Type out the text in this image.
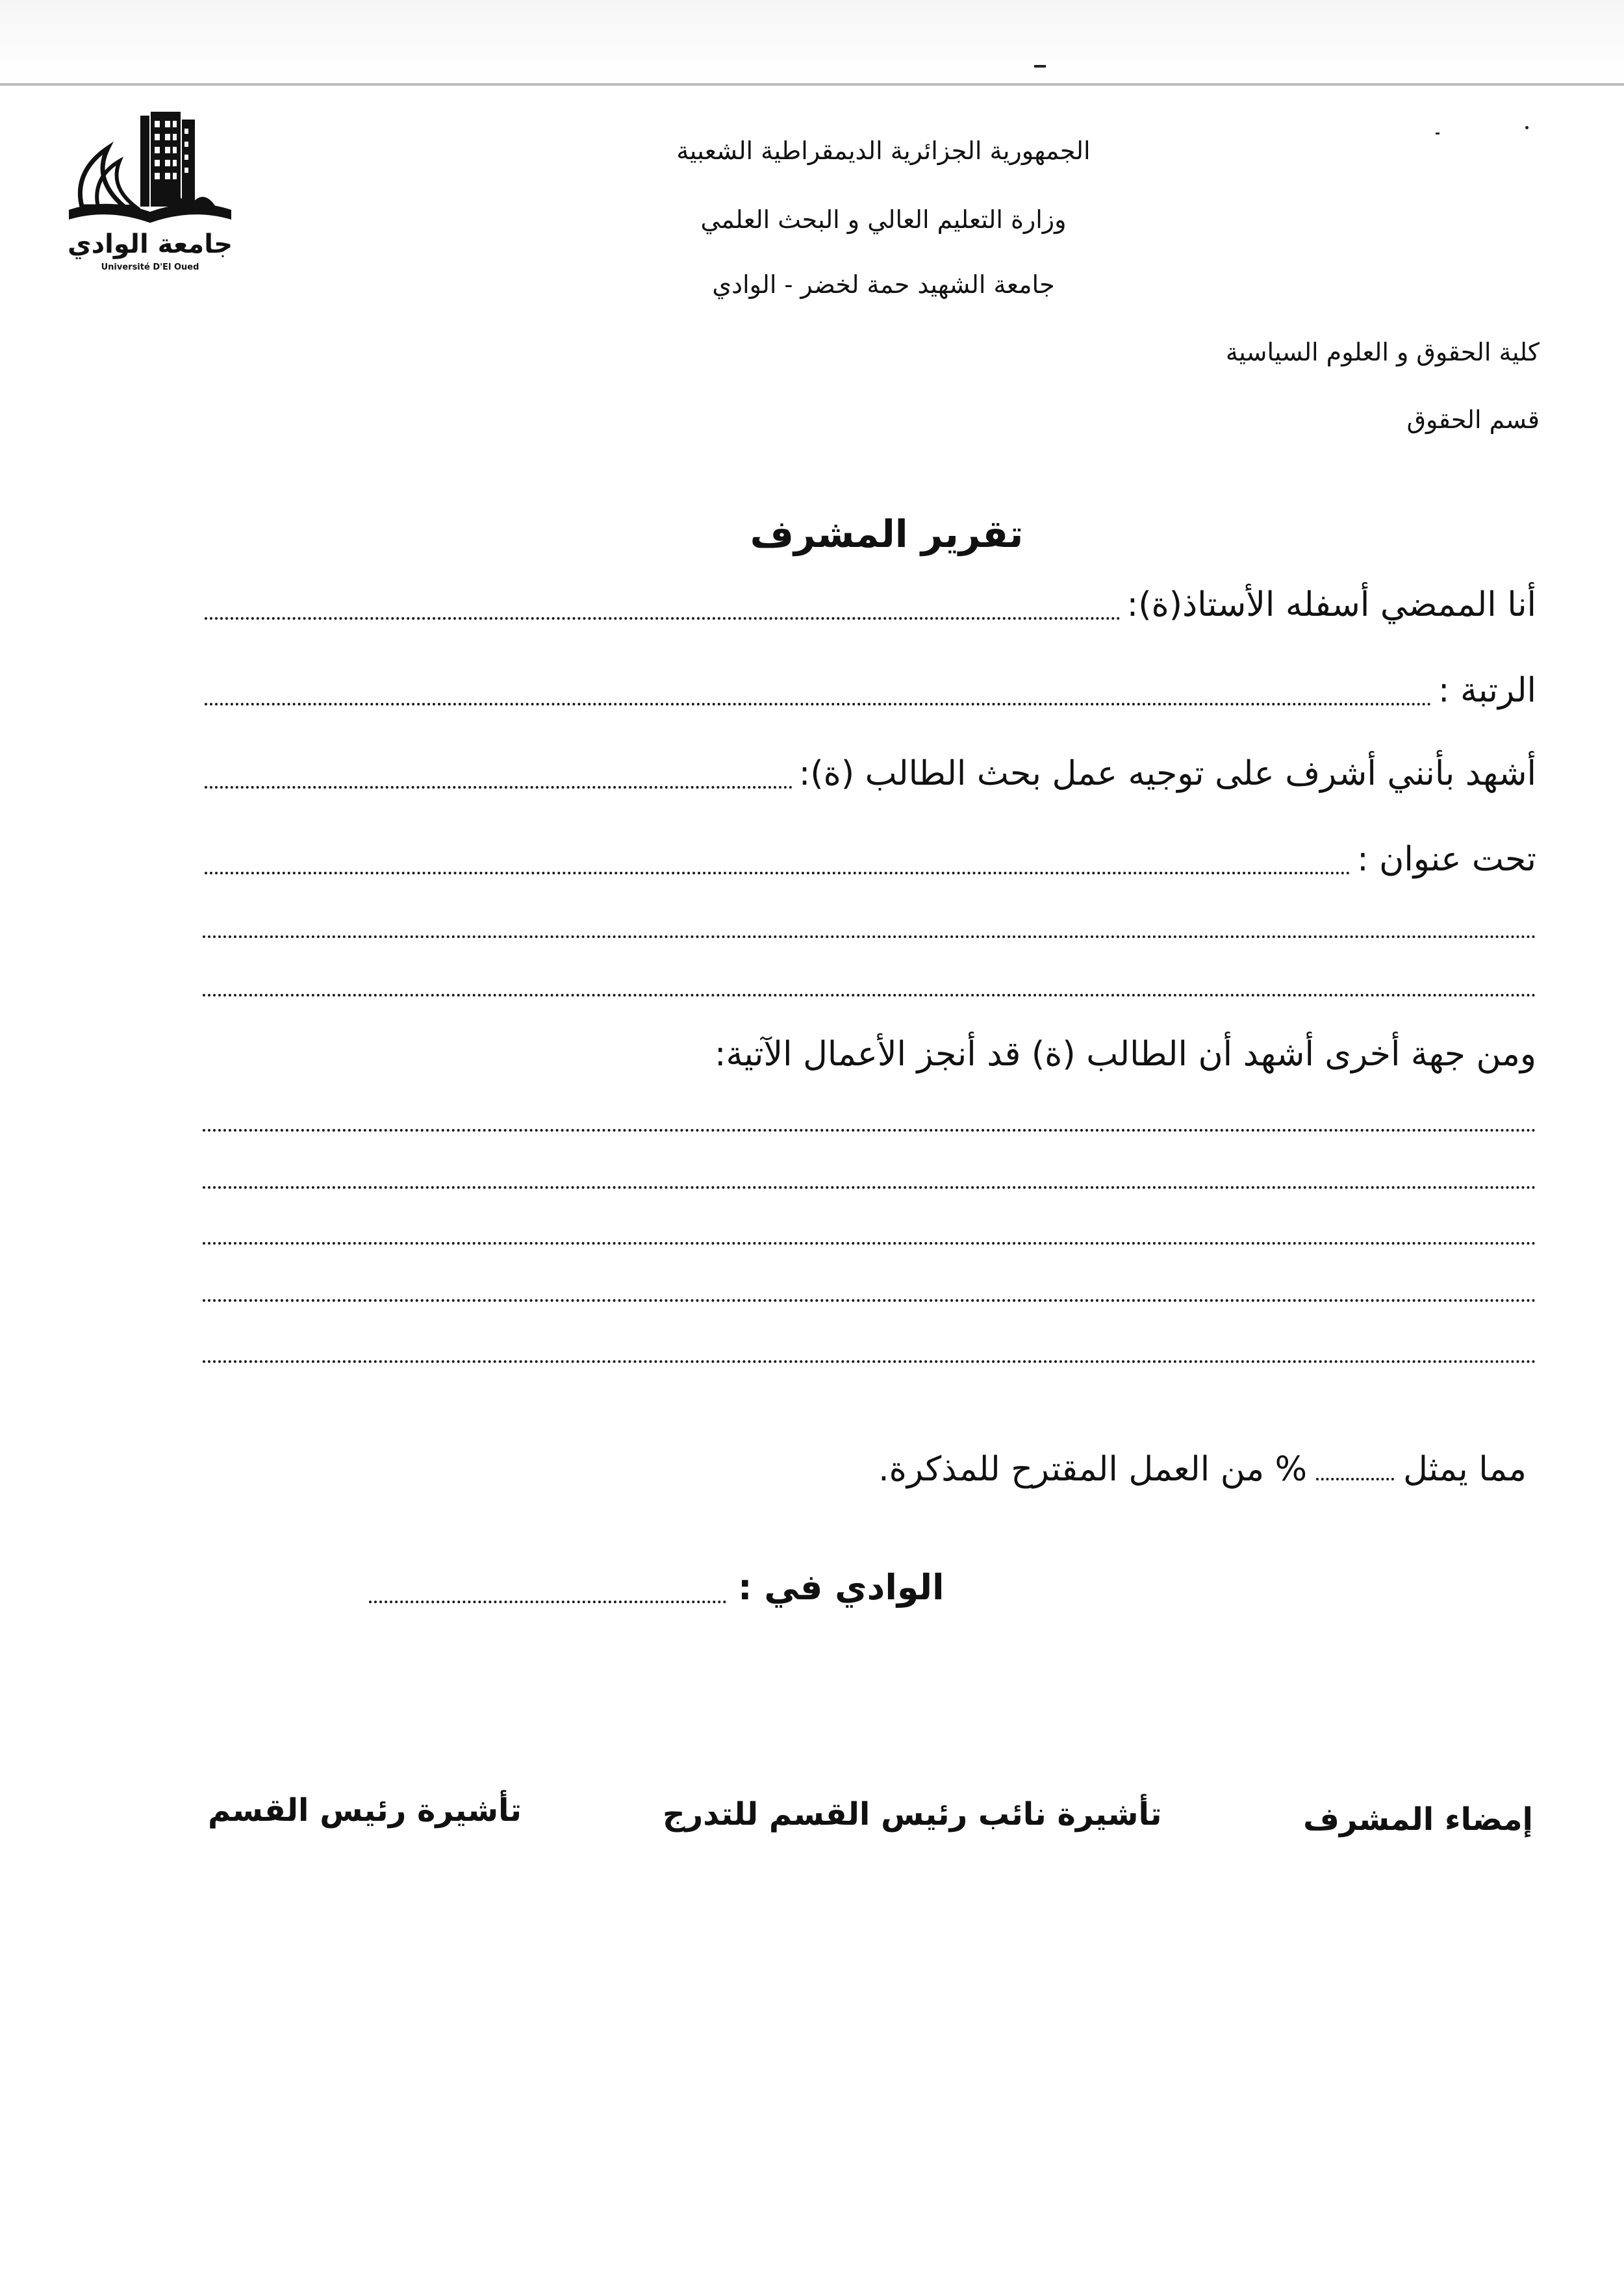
جامعة الوادي
Université D'El Oued
الجمهورية الجزائرية الديمقراطية الشعبية
وزارة التعليم العالي و البحث العلمي
جامعة الشهيد حمة لخضر - الوادي
كلية الحقوق و العلوم السياسية
قسم الحقوق
تقرير المشرف
أنا الممضي أسفله الأستاذ(ة):
الرتبة :
أشهد بأنني أشرف على توجيه عمل بحث الطالب (ة):
تحت عنوان :
ومن جهة أخرى أشهد أن الطالب (ة) قد أنجز الأعمال الآتية:
مما يمثل% من العمل المقترح للمذكرة.
الوادي في :
إمضاء المشرف
تأشيرة نائب رئيس القسم للتدرج
تأشيرة رئيس القسم
